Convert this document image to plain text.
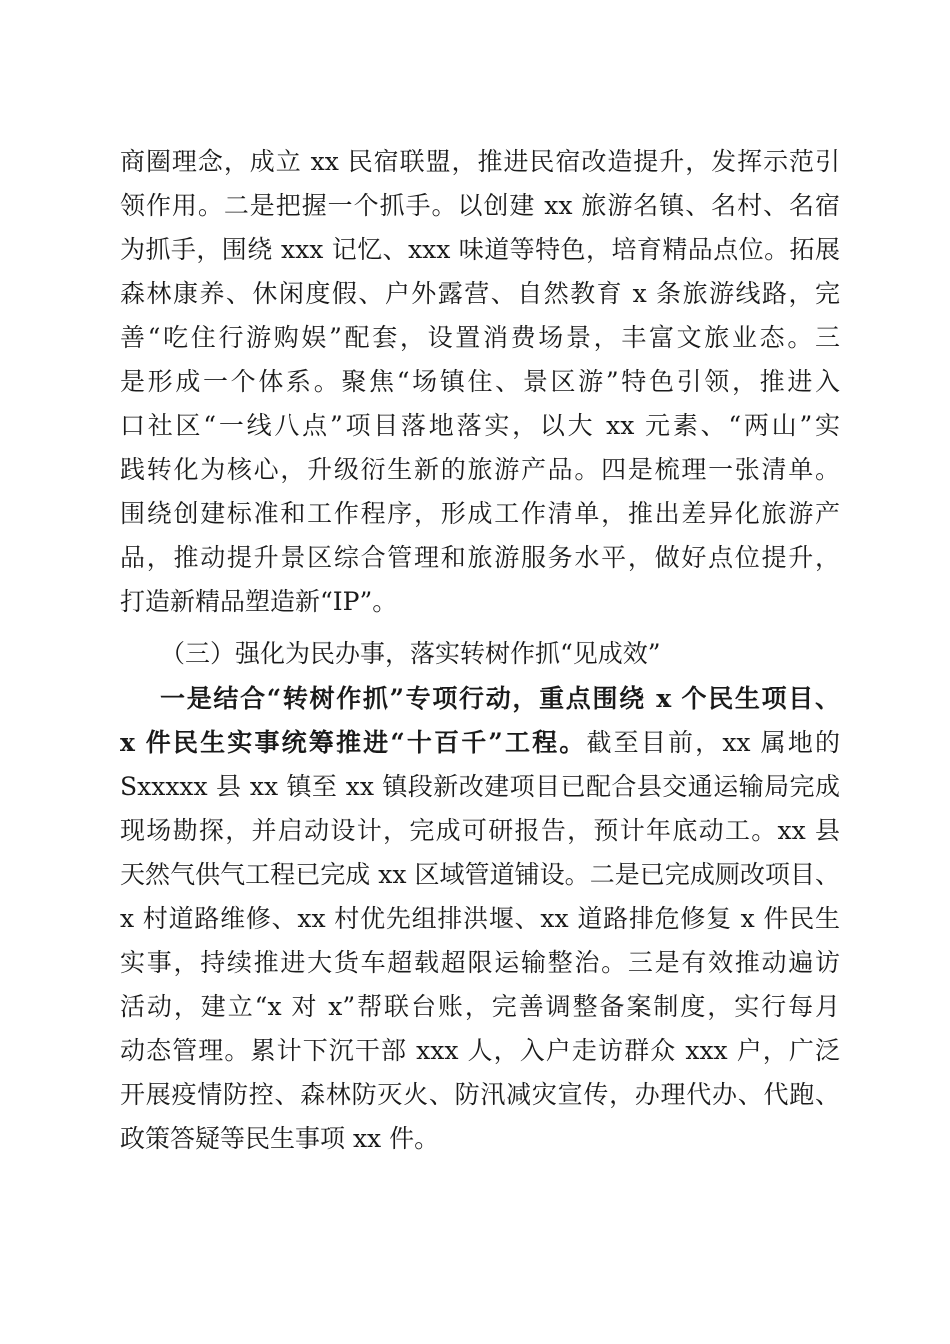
商圈理念，成立 xx 民宿联盟，推进民宿改造提升，发挥示范引
领作用。二是把握一个抓手。以创建 xx 旅游名镇、名村、名宿
为抓手，围绕 xxx 记忆、xxx 味道等特色，培育精品点位。拓展
森林康养、休闲度假、户外露营、自然教育 x 条旅游线路，完
善“吃住行游购娱”配套，设置消费场景，丰富文旅业态。三
是形成一个体系。聚焦“场镇住、景区游”特色引领，推进入
口社区“一线八点”项目落地落实，以大 xx 元素、“两山”实
践转化为核心，升级衍生新的旅游产品。四是梳理一张清单。
围绕创建标准和工作程序，形成工作清单，推出差异化旅游产
品，推动提升景区综合管理和旅游服务水平，做好点位提升，
打造新精品塑造新“IP”。
（三）强化为民办事，落实转树作抓“见成效”
一是结合“转树作抓”专项行动，重点围绕 x 个民生项目、
x 件民生实事统筹推进“十百千”工程。截至目前，xx 属地的
Sxxxxx 县 xx 镇至 xx 镇段新改建项目已配合县交通运输局完成
现场勘探，并启动设计，完成可研报告，预计年底动工。xx 县
天然气供气工程已完成 xx 区域管道铺设。二是已完成厕改项目、
x 村道路维修、xx 村优先组排洪堰、xx 道路排危修复 x 件民生
实事，持续推进大货车超载超限运输整治。三是有效推动遍访
活动，建立“x 对 x”帮联台账，完善调整备案制度，实行每月
动态管理。累计下沉干部 xxx 人，入户走访群众 xxx 户，广泛
开展疫情防控、森林防灭火、防汛减灾宣传，办理代办、代跑、
政策答疑等民生事项 xx 件。
